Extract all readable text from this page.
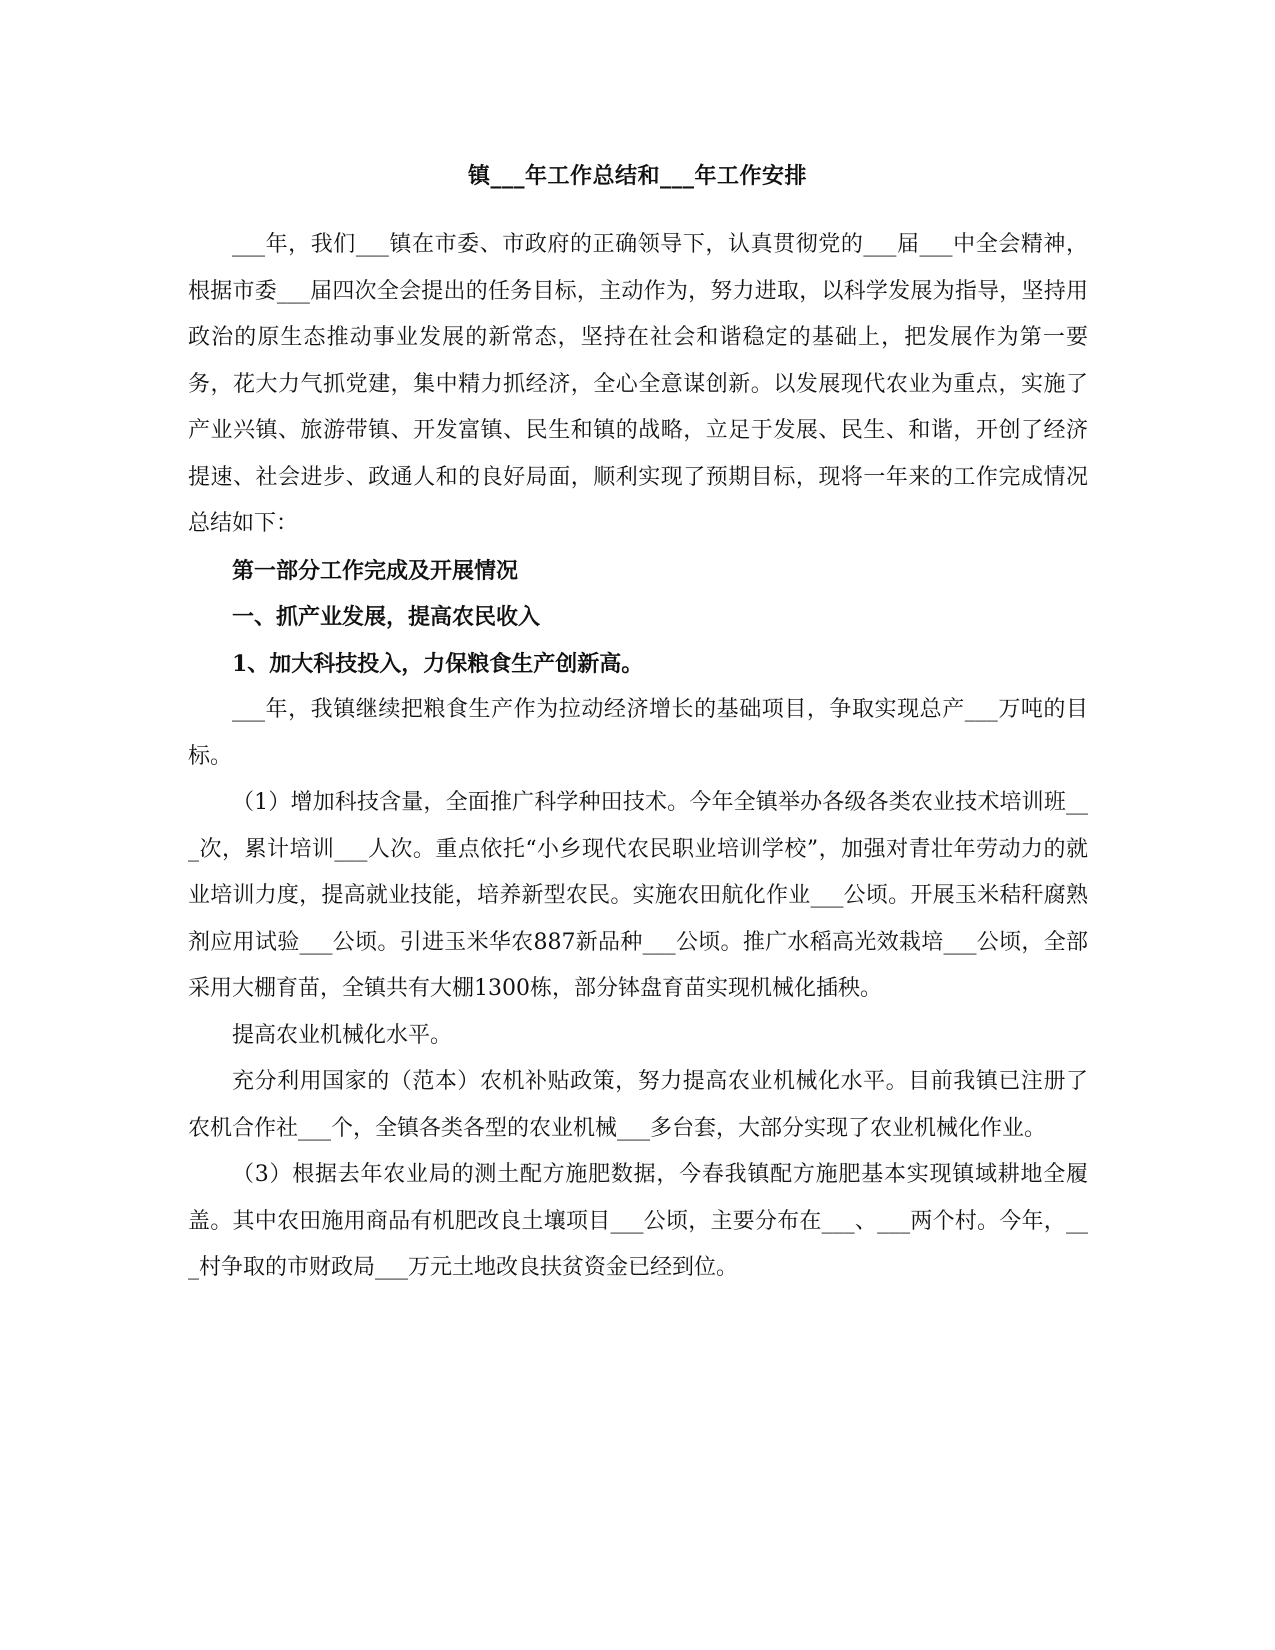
镇___年工作总结和___年工作安排

___年，我们___镇在市委、市政府的正确领导下，认真贯彻党的___届___中全会精神，根据市委___届四次全会提出的任务目标，主动作为，努力进取，以科学发展为指导，坚持用政治的原生态推动事业发展的新常态，坚持在社会和谐稳定的基础上，把发展作为第一要务，花大力气抓党建，集中精力抓经济，全心全意谋创新。以发展现代农业为重点，实施了产业兴镇、旅游带镇、开发富镇、民生和镇的战略，立足于发展、民生、和谐，开创了经济提速、社会进步、政通人和的良好局面，顺利实现了预期目标，现将一年来的工作完成情况总结如下：

第一部分工作完成及开展情况

一、抓产业发展，提高农民收入

1、加大科技投入，力保粮食生产创新高。

___年，我镇继续把粮食生产作为拉动经济增长的基础项目，争取实现总产___万吨的目标。

（1）增加科技含量，全面推广科学种田技术。今年全镇举办各级各类农业技术培训班___次，累计培训___人次。重点依托“小乡现代农民职业培训学校”，加强对青壮年劳动力的就业培训力度，提高就业技能，培养新型农民。实施农田航化作业___公顷。开展玉米秸秆腐熟剂应用试验___公顷。引进玉米华农887新品种___公顷。推广水稻高光效栽培___公顷，全部采用大棚育苗，全镇共有大棚1300栋，部分钵盘育苗实现机械化插秧。

提高农业机械化水平。

充分利用国家的（范本）农机补贴政策，努力提高农业机械化水平。目前我镇已注册了农机合作社___个，全镇各类各型的农业机械___多台套，大部分实现了农业机械化作业。

（3）根据去年农业局的测土配方施肥数据，今春我镇配方施肥基本实现镇域耕地全履盖。其中农田施用商品有机肥改良土壤项目___公顷，主要分布在___、___两个村。今年，___村争取的市财政局___万元土地改良扶贫资金已经到位。
